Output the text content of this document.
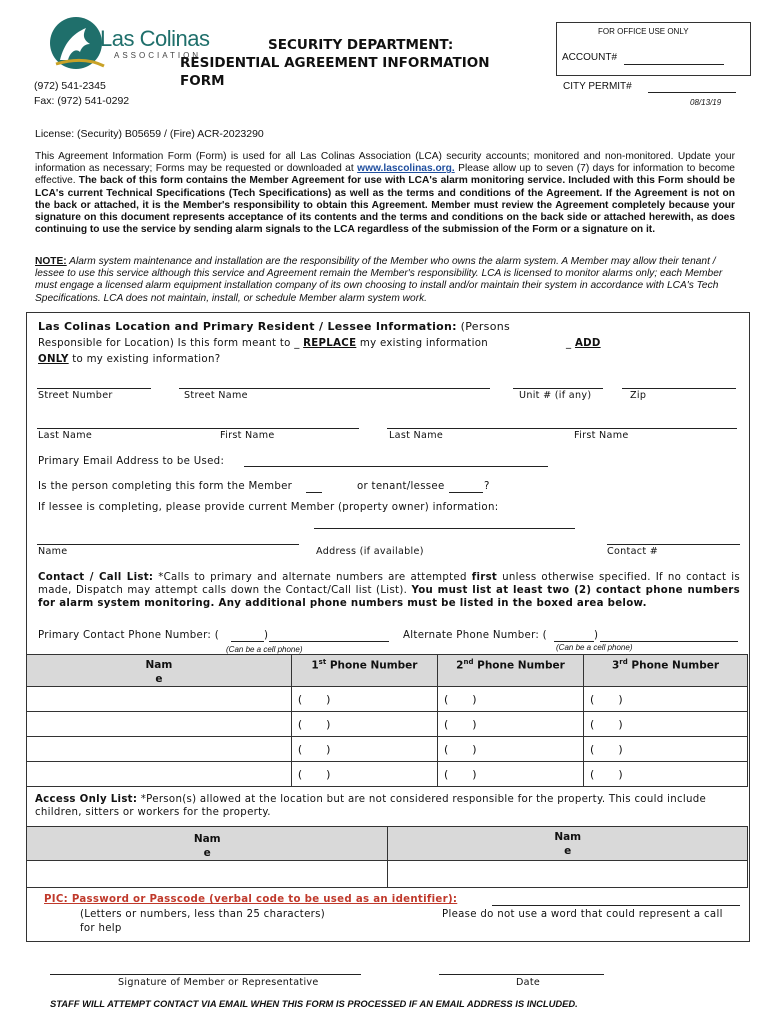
Las Colinas
ASSOCIATION
(972) 541-2345
Fax: (972) 541-0292
SECURITY DEPARTMENT:
RESIDENTIAL AGREEMENT INFORMATION
FORM
FOR OFFICE USE ONLY
ACCOUNT#
CITY PERMIT#
08/13/19
License: (Security) B05659 / (Fire) ACR-2023290
This Agreement Information Form (Form) is used for all Las Colinas Association (LCA) security accounts; monitored and non-monitored. Update your information as necessary; Forms may be requested or downloaded at www.lascolinas.org. Please allow up to seven (7) days for information to become effective. The back of this form contains the Member Agreement for use with LCA's alarm monitoring service. Included with this Form should be LCA's current Technical Specifications (Tech Specifications) as well as the terms and conditions of the Agreement. If the Agreement is not on the back or attached, it is the Member's responsibility to obtain this Agreement. Member must review the Agreement completely because your signature on this document represents acceptance of its contents and the terms and conditions on the back side or attached herewith, as does continuing to use the service by sending alarm signals to the LCA regardless of the submission of the Form or a signature on it.
NOTE: Alarm system maintenance and installation are the responsibility of the Member who owns the alarm system. A Member may allow their tenant / lessee to use this service although this service and Agreement remain the Member's responsibility. LCA is licensed to monitor alarms only; each Member must engage a licensed alarm equipment installation company of its own choosing to install and/or maintain their system in accordance with LCA's Tech Specifications. LCA does not maintain, install, or schedule Member alarm system work.
Las Colinas Location and Primary Resident / Lessee Information: (Persons
Responsible for Location) Is this form meant to _ REPLACE my existing information	_ ADD
ONLY to my existing information?
Street Number	Street Name	Unit # (if any)	Zip
Last Name	First Name	Last Name	First Name
Primary Email Address to be Used:
Is the person completing this form the Member	or tenant/lessee	?
If lessee is completing, please provide current Member (property owner) information:
Name	Address (if available)	Contact #
Contact / Call List: *Calls to primary and alternate numbers are attempted first unless otherwise specified. If no contact is made, Dispatch may attempt calls down the Contact/Call list (List). You must list at least two (2) contact phone numbers for alarm system monitoring. Any additional phone numbers must be listed in the boxed area below.
Primary Contact Phone Number: (	)
(Can be a cell phone)
Alternate Phone Number: (	)
(Can be a cell phone)
Nam e	1st Phone Number	2nd Phone Number	3rd Phone Number
	( )	( )	( )
	( )	( )	( )
	( )	( )	( )
	( )	( )	( )
Access Only List: *Person(s) allowed at the location but are not considered responsible for the property. This could include children, sitters or workers for the property.
Nam e	Nam e

PIC: Password or Passcode (verbal code to be used as an identifier):
(Letters or numbers, less than 25 characters)	Please do not use a word that could represent a call
for help
Signature of Member or Representative	Date
STAFF WILL ATTEMPT CONTACT VIA EMAIL WHEN THIS FORM IS PROCESSED IF AN EMAIL ADDRESS IS INCLUDED.
